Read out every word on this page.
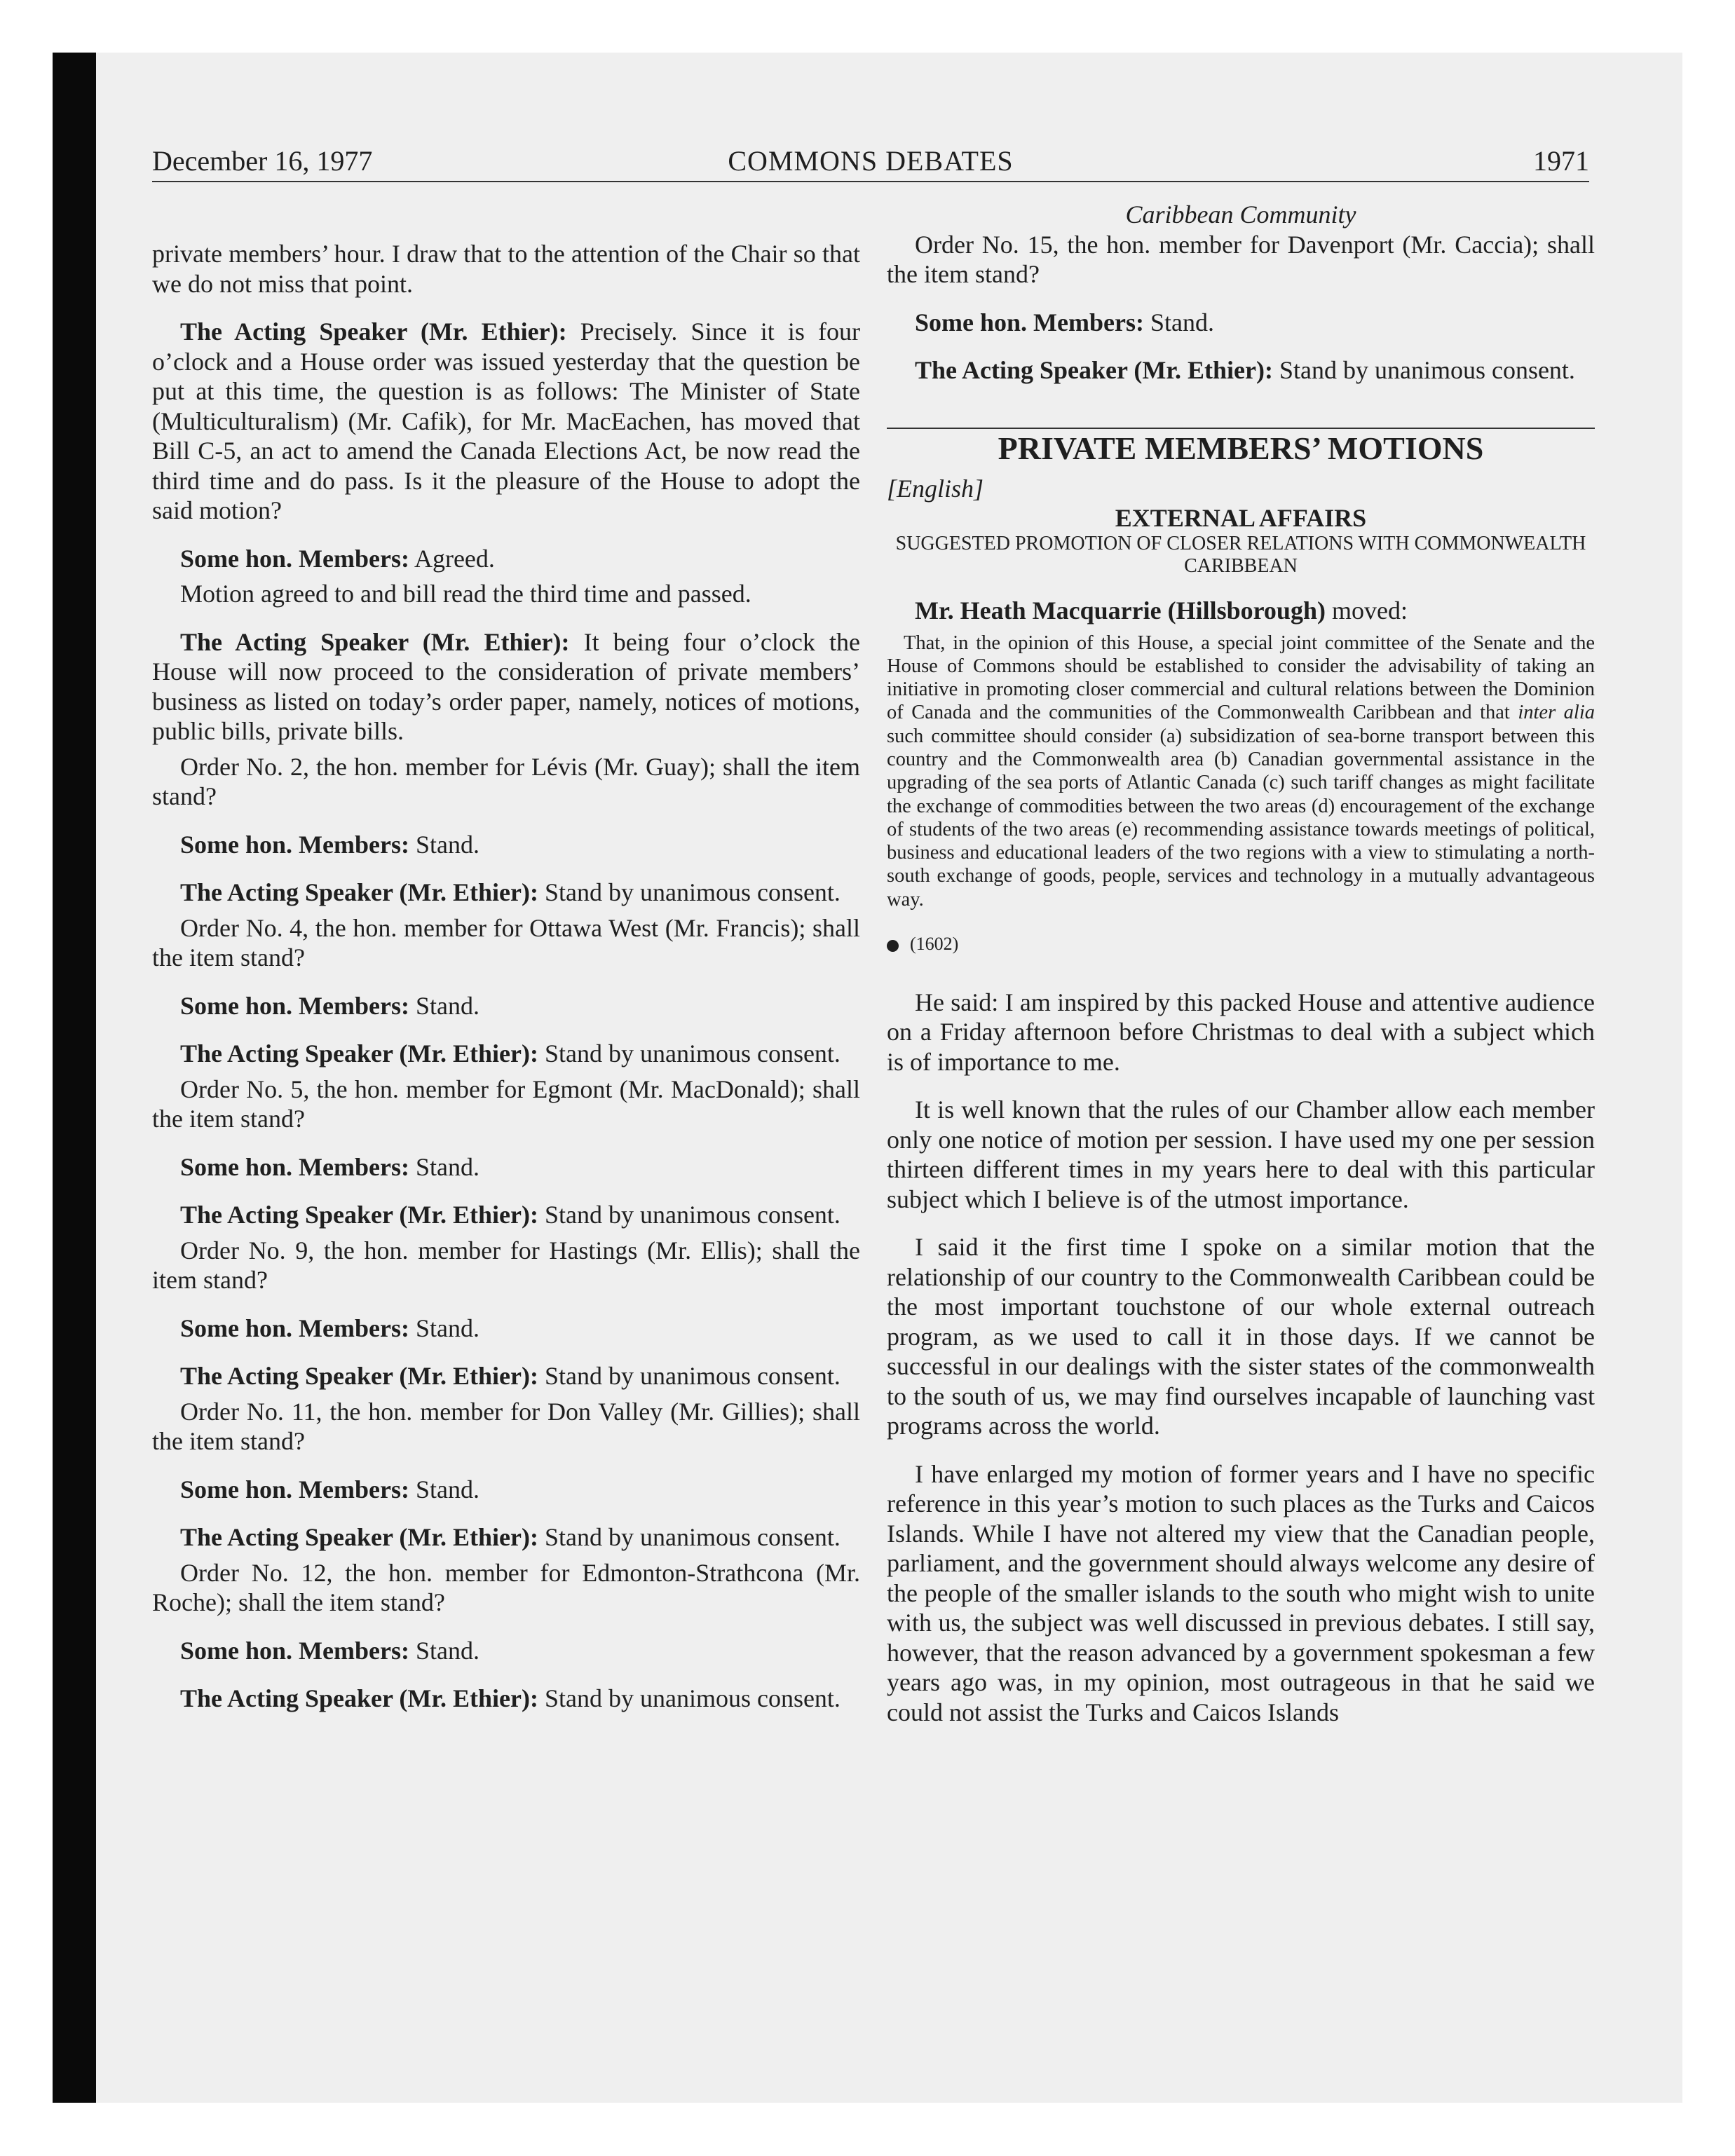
December 16, 1977	COMMONS DEBATES	1971

private members’ hour. I draw that to the attention of the Chair so that we do not miss that point.

The Acting Speaker (Mr. Ethier): Precisely. Since it is four o’clock and a House order was issued yesterday that the question be put at this time, the question is as follows: The Minister of State (Multiculturalism) (Mr. Cafik), for Mr. MacEachen, has moved that Bill C-5, an act to amend the Canada Elections Act, be now read the third time and do pass. Is it the pleasure of the House to adopt the said motion?

Some hon. Members: Agreed.

Motion agreed to and bill read the third time and passed.

The Acting Speaker (Mr. Ethier): It being four o’clock the House will now proceed to the consideration of private members’ business as listed on today’s order paper, namely, notices of motions, public bills, private bills.

Order No. 2, the hon. member for Lévis (Mr. Guay); shall the item stand?

Some hon. Members: Stand.

The Acting Speaker (Mr. Ethier): Stand by unanimous consent.

Order No. 4, the hon. member for Ottawa West (Mr. Francis); shall the item stand?

Some hon. Members: Stand.

The Acting Speaker (Mr. Ethier): Stand by unanimous consent.

Order No. 5, the hon. member for Egmont (Mr. MacDonald); shall the item stand?

Some hon. Members: Stand.

The Acting Speaker (Mr. Ethier): Stand by unanimous consent.

Order No. 9, the hon. member for Hastings (Mr. Ellis); shall the item stand?

Some hon. Members: Stand.

The Acting Speaker (Mr. Ethier): Stand by unanimous consent.

Order No. 11, the hon. member for Don Valley (Mr. Gillies); shall the item stand?

Some hon. Members: Stand.

The Acting Speaker (Mr. Ethier): Stand by unanimous consent.

Order No. 12, the hon. member for Edmonton-Strathcona (Mr. Roche); shall the item stand?

Some hon. Members: Stand.

The Acting Speaker (Mr. Ethier): Stand by unanimous consent.

Caribbean Community

Order No. 15, the hon. member for Davenport (Mr. Caccia); shall the item stand?

Some hon. Members: Stand.

The Acting Speaker (Mr. Ethier): Stand by unanimous consent.

PRIVATE MEMBERS’ MOTIONS

[English]

EXTERNAL AFFAIRS

SUGGESTED PROMOTION OF CLOSER RELATIONS WITH COMMONWEALTH CARIBBEAN

Mr. Heath Macquarrie (Hillsborough) moved:

That, in the opinion of this House, a special joint committee of the Senate and the House of Commons should be established to consider the advisability of taking an initiative in promoting closer commercial and cultural relations between the Dominion of Canada and the communities of the Commonwealth Caribbean and that inter alia such committee should consider (a) subsidization of sea-borne transport between this country and the Commonwealth area (b) Canadian governmental assistance in the upgrading of the sea ports of Atlantic Canada (c) such tariff changes as might facilitate the exchange of commodities between the two areas (d) encouragement of the exchange of students of the two areas (e) recommending assistance towards meetings of political, business and educational leaders of the two regions with a view to stimulating a north-south exchange of goods, people, services and technology in a mutually advantageous way.

(1602)

He said: I am inspired by this packed House and attentive audience on a Friday afternoon before Christmas to deal with a subject which is of importance to me.

It is well known that the rules of our Chamber allow each member only one notice of motion per session. I have used my one per session thirteen different times in my years here to deal with this particular subject which I believe is of the utmost importance.

I said it the first time I spoke on a similar motion that the relationship of our country to the Commonwealth Caribbean could be the most important touchstone of our whole external outreach program, as we used to call it in those days. If we cannot be successful in our dealings with the sister states of the commonwealth to the south of us, we may find ourselves incapable of launching vast programs across the world.

I have enlarged my motion of former years and I have no specific reference in this year’s motion to such places as the Turks and Caicos Islands. While I have not altered my view that the Canadian people, parliament, and the government should always welcome any desire of the people of the smaller islands to the south who might wish to unite with us, the subject was well discussed in previous debates. I still say, however, that the reason advanced by a government spokesman a few years ago was, in my opinion, most outrageous in that he said we could not assist the Turks and Caicos Islands
